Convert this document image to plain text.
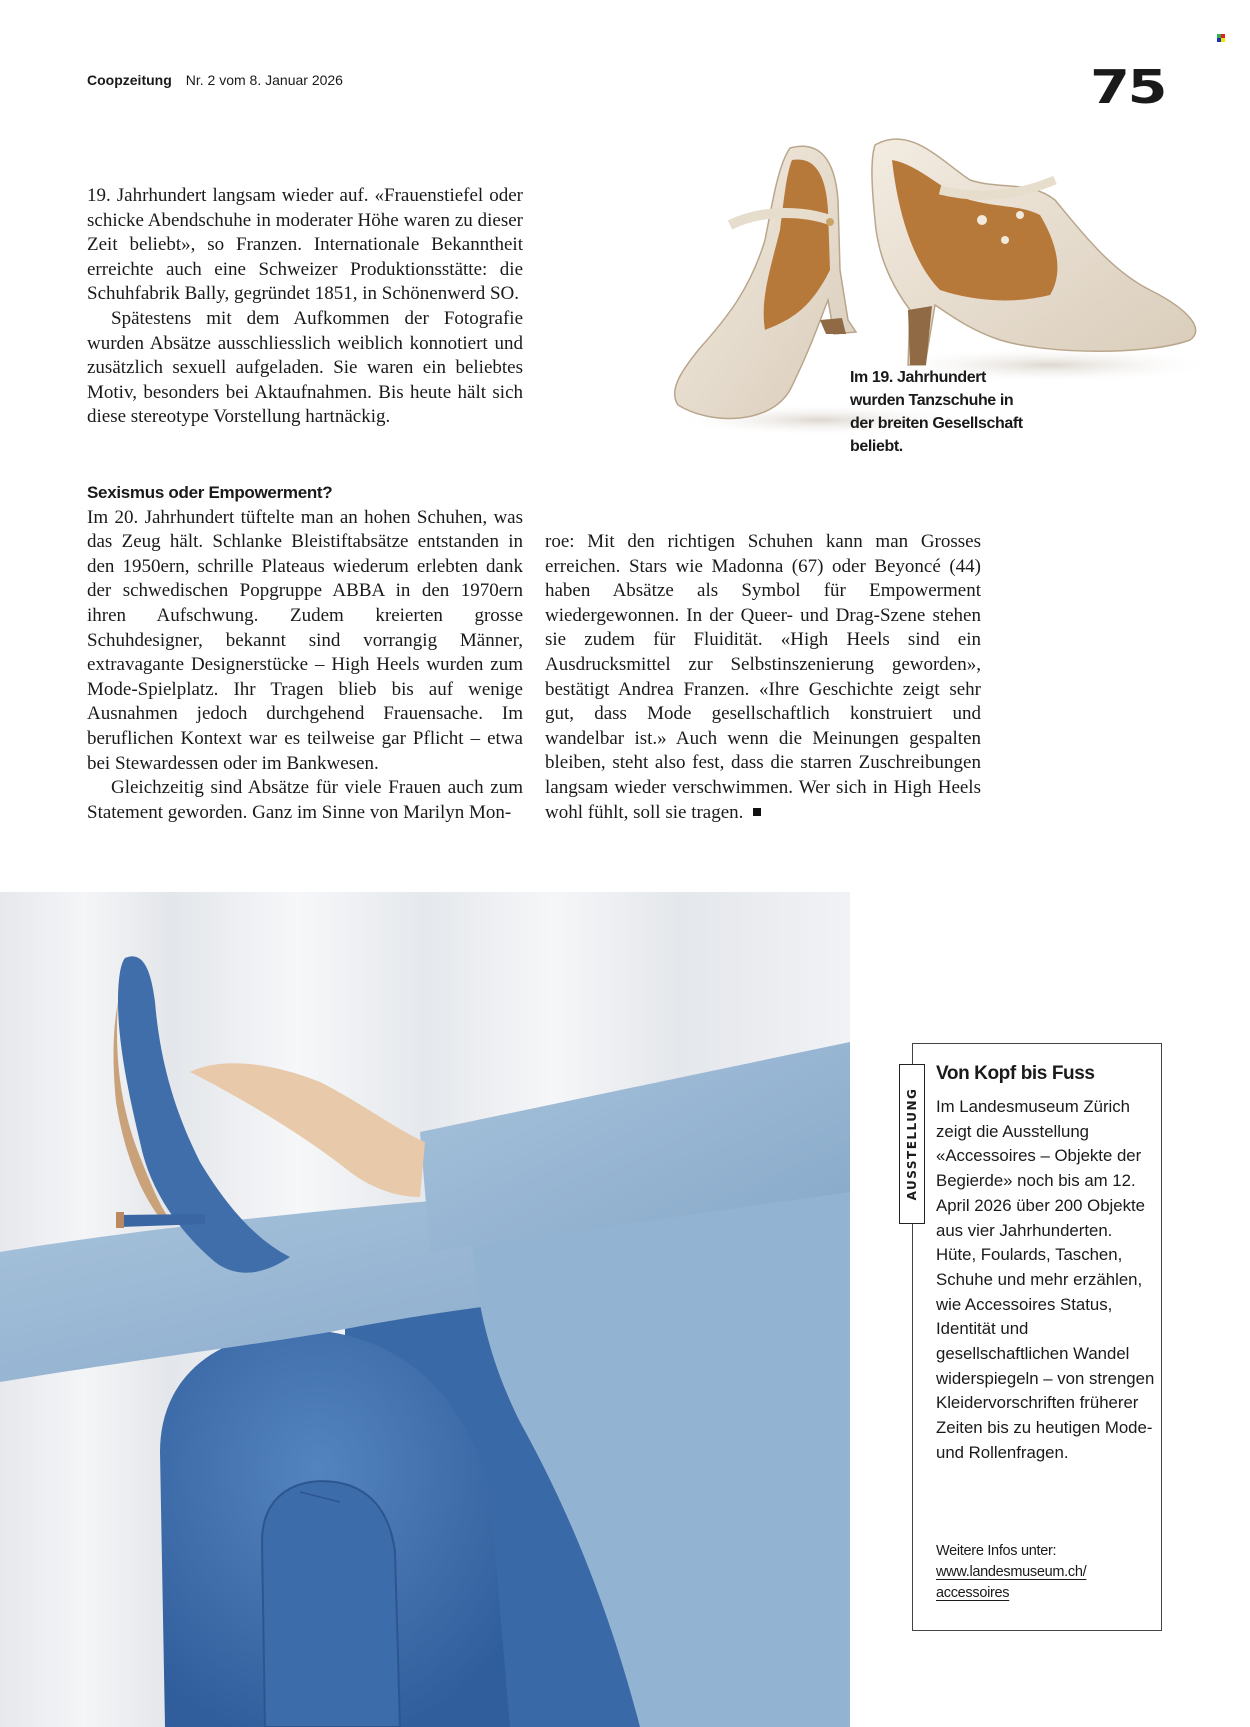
Coopzeitung Nr. 2 vom 8. Januar 2026	75

19. Jahrhundert langsam wieder auf. «Frauenstiefel oder schicke Abendschuhe in moderater Höhe waren zu dieser Zeit beliebt», so Franzen. Internationale Bekanntheit erreichte auch eine Schweizer Produktionsstätte: die Schuhfabrik Bally, gegründet 1851, in Schönenwerd SO.

Spätestens mit dem Aufkommen der Fotografie wurden Absätze ausschliesslich weiblich konnotiert und zusätzlich sexuell aufgeladen. Sie waren ein beliebtes Motiv, besonders bei Aktaufnahmen. Bis heute hält sich diese stereotype Vorstellung hartnäckig.

Sexismus oder Empowerment?

Im 20. Jahrhundert tüftelte man an hohen Schuhen, was das Zeug hält. Schlanke Bleistiftabsätze entstanden in den 1950ern, schrille Plateaus wiederum erlebten dank der schwedischen Popgruppe ABBA in den 1970ern ihren Aufschwung. Zudem kreierten grosse Schuhdesigner, bekannt sind vorrangig Männer, extravagante Designerstücke – High Heels wurden zum Mode-Spielplatz. Ihr Tragen blieb bis auf wenige Ausnahmen jedoch durchgehend Frauensache. Im beruflichen Kontext war es teilweise gar Pflicht – etwa bei Stewardessen oder im Bankwesen.

Gleichzeitig sind Absätze für viele Frauen auch zum Statement geworden. Ganz im Sinne von Marilyn Mon-

roe: Mit den richtigen Schuhen kann man Grosses erreichen. Stars wie Madonna (67) oder Beyoncé (44) haben Absätze als Symbol für Empowerment wiedergewonnen. In der Queer- und Drag-Szene stehen sie zudem für Fluidität. «High Heels sind ein Ausdrucksmittel zur Selbstinszenierung geworden», bestätigt Andrea Franzen. «Ihre Geschichte zeigt sehr gut, dass Mode gesellschaftlich konstruiert und wandelbar ist.» Auch wenn die Meinungen gespalten bleiben, steht also fest, dass die starren Zuschreibungen langsam wieder verschwimmen. Wer sich in High Heels wohl fühlt, soll sie tragen.

Im 19. Jahrhundert wurden Tanzschuhe in der breiten Gesellschaft beliebt.
AUSSTELLUNG
Von Kopf bis Fuss
Im Landesmuseum Zürich zeigt die Ausstellung «Accessoires – Objekte der Begierde» noch bis am 12. April 2026 über 200 Objekte aus vier Jahrhunderten. Hüte, Foulards, Taschen, Schuhe und mehr erzählen, wie Accessoires Status, Identität und gesellschaftlichen Wandel widerspiegeln – von strengen Kleidervorschriften früherer Zeiten bis zu heutigen Mode- und Rollenfragen.
Weitere Infos unter:
www.landesmuseum.ch/
accessoires
